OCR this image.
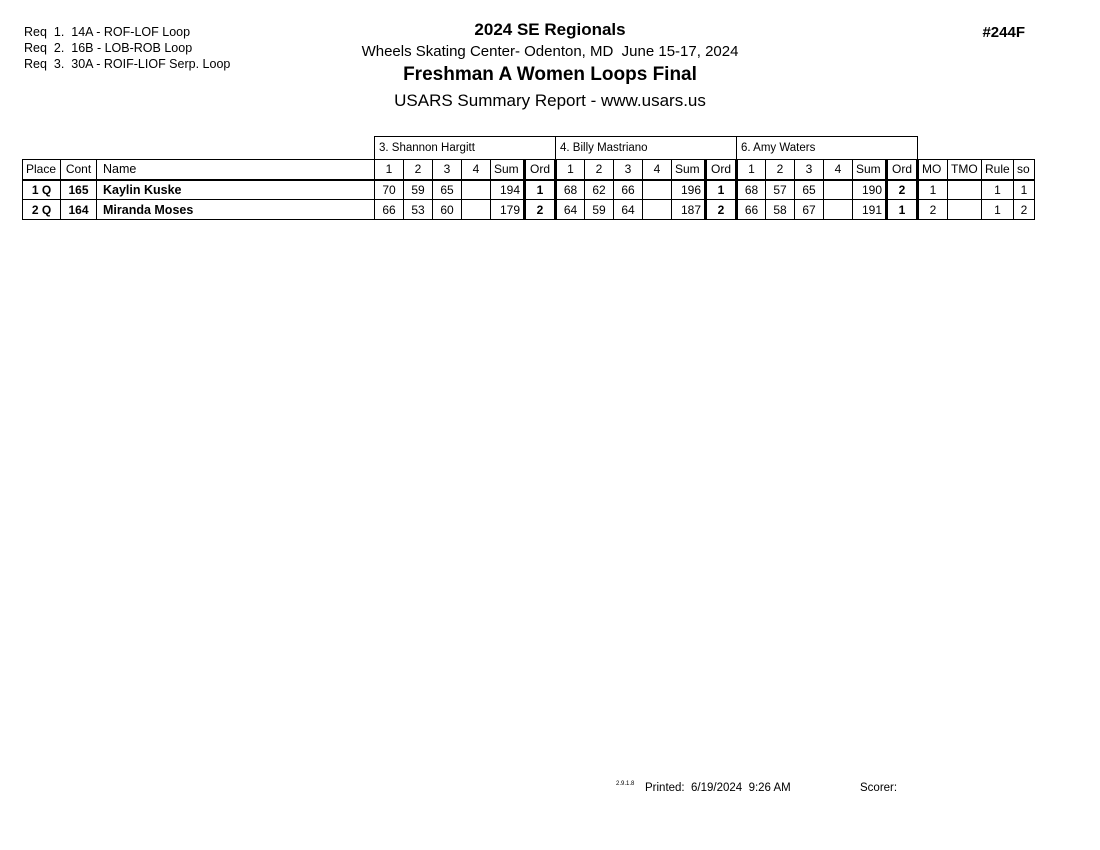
Req  1.  14A - ROF-LOF Loop
Req  2.  16B - LOB-ROB Loop
Req  3.  30A - ROIF-LIOF Serp. Loop
2024 SE Regionals
Wheels Skating Center- Odenton, MD  June 15-17, 2024
Freshman A Women Loops Final
USARS Summary Report - www.usars.us
#244F
			3. Shannon Hargitt						4. Billy Mastriano						6. Amy Waters									
Place	Cont	Name	1	2	3	4	Sum	Ord	1	2	3	4	Sum	Ord	1	2	3	4	Sum	Ord	MO	TMO	Rule	so
1 Q	165	Kaylin Kuske	70	59	65		194	1	68	62	66		196	1	68	57	65		190	2	1		1	1
2 Q	164	Miranda Moses	66	53	60		179	2	64	59	64		187	2	66	58	67		191	1	2		1	2
2.9.1.8 Printed:  6/19/2024  9:26 AM	Scorer:
